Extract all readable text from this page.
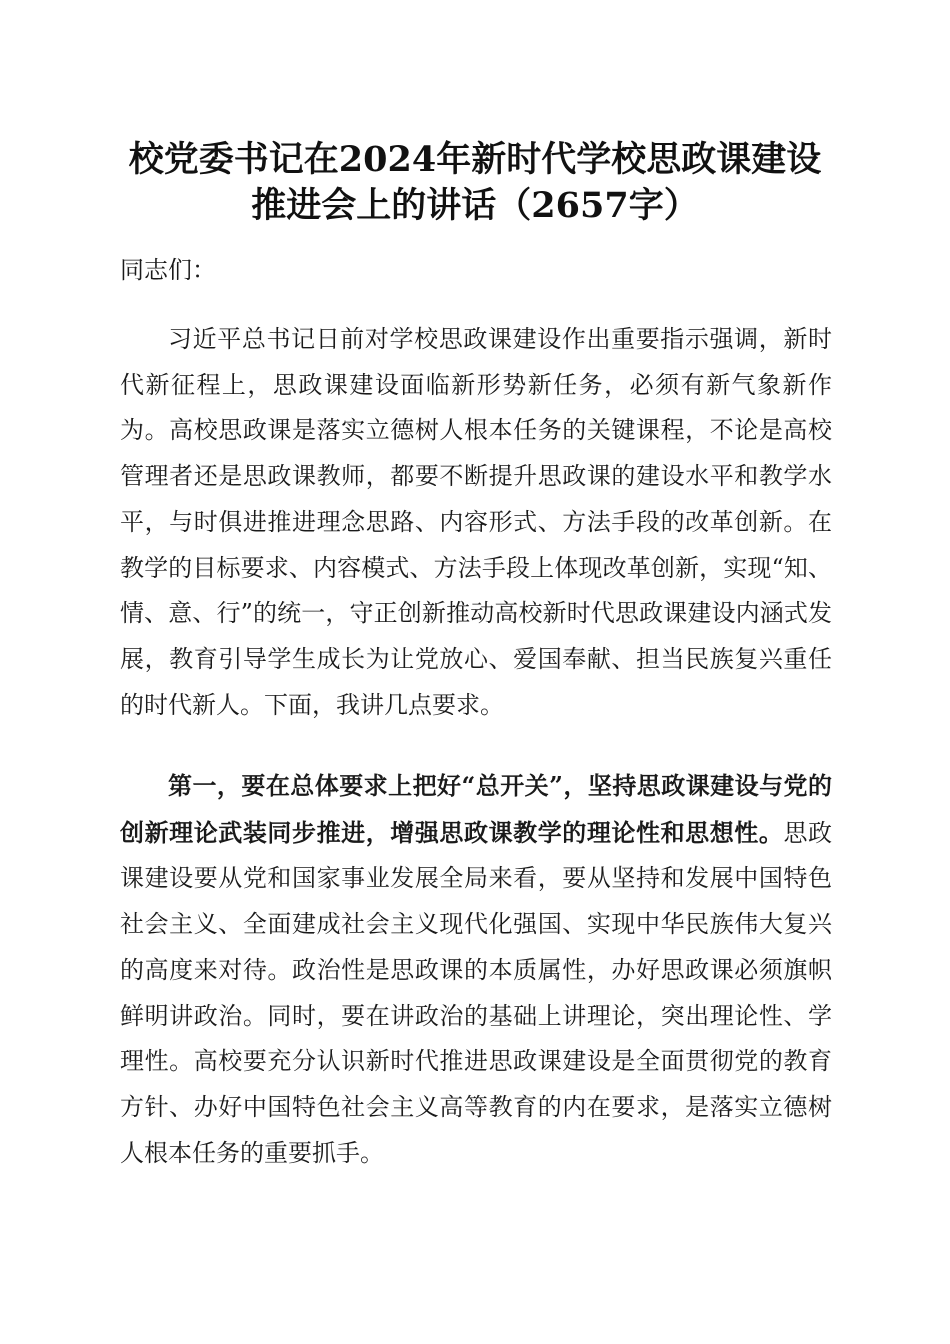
校党委书记在2024年新时代学校思政课建设
推进会上的讲话（2657字）
同志们：

习近平总书记日前对学校思政课建设作出重要指示强调，新时代新征程上，思政课建设面临新形势新任务，必须有新气象新作为。高校思政课是落实立德树人根本任务的关键课程，不论是高校管理者还是思政课教师，都要不断提升思政课的建设水平和教学水平，与时俱进推进理念思路、内容形式、方法手段的改革创新。在教学的目标要求、内容模式、方法手段上体现改革创新，实现“知、情、意、行”的统一，守正创新推动高校新时代思政课建设内涵式发展，教育引导学生成长为让党放心、爱国奉献、担当民族复兴重任的时代新人。下面，我讲几点要求。

第一，要在总体要求上把好“总开关”，坚持思政课建设与党的创新理论武装同步推进，增强思政课教学的理论性和思想性。思政课建设要从党和国家事业发展全局来看，要从坚持和发展中国特色社会主义、全面建成社会主义现代化强国、实现中华民族伟大复兴的高度来对待。政治性是思政课的本质属性，办好思政课必须旗帜鲜明讲政治。同时，要在讲政治的基础上讲理论，突出理论性、学理性。高校要充分认识新时代推进思政课建设是全面贯彻党的教育方针、办好中国特色社会主义高等教育的内在要求，是落实立德树人根本任务的重要抓手。
